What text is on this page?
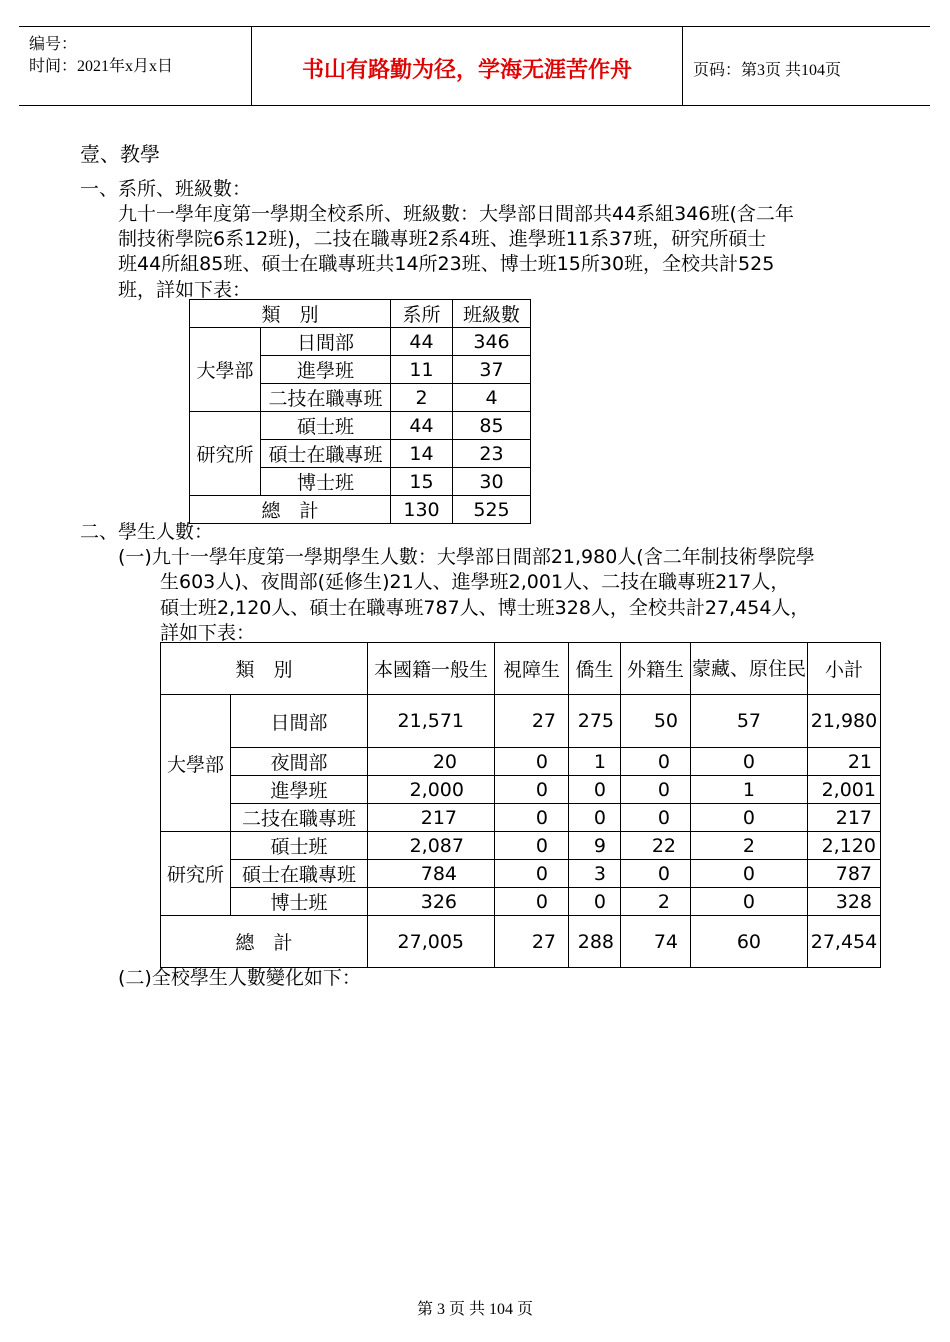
编号：
时间：2021年x月x日	书山有路勤为径，学海无涯苦作舟	页码：第3页 共104页
壹、教學
一、系所、班級數：
九十一學年度第一學期全校系所、班級數：大學部日間部共44系組346班(含二年
制技術學院6系12班)，二技在職專班2系4班、進學班11系37班，研究所碩士
班44所組85班、碩士在職專班共14所23班、博士班15所30班，全校共計525
班，詳如下表：
類　別		系所	班級數
大學部	日間部	44	346
	進學班	11	37
	二技在職專班	2	4
研究所	碩士班	44	85
	碩士在職專班	14	23
	博士班	15	30
總　計		130	525
二、學生人數：
(一)九十一學年度第一學期學生人數：大學部日間部21,980人(含二年制技術學院學
生603人)、夜間部(延修生)21人、進學班2,001人、二技在職專班217人，
碩士班2,120人、碩士在職專班787人、博士班328人，全校共計27,454人，
詳如下表：
類　別		本國籍一般生	視障生	僑生	外籍生	蒙藏、原住民	小計
大學部	日間部	21,571	27	275	50	57	21,980
	夜間部	20	0	1	0	0	21
	進學班	2,000	0	0	0	1	2,001
	二技在職專班	217	0	0	0	0	217
研究所	碩士班	2,087	0	9	22	2	2,120
	碩士在職專班	784	0	3	0	0	787
	博士班	326	0	0	2	0	328
總　計		27,005	27	288	74	60	27,454
(二)全校學生人數變化如下：
第 3 页 共 104 页
